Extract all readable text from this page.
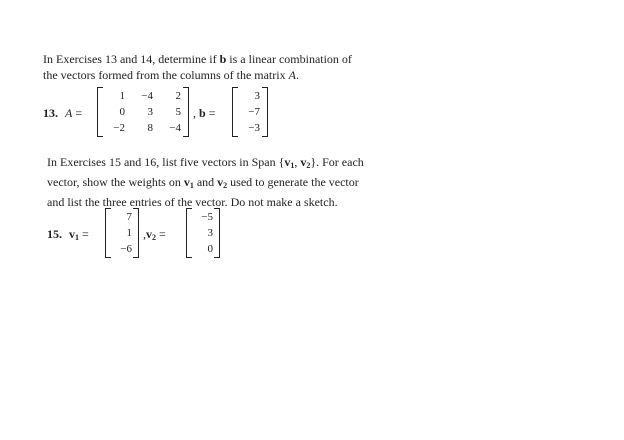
In Exercises 13 and 14, determine if b is a linear combination of
the vectors formed from the columns of the matrix A.
13. A =
1	−4	2
0	3	5
−2	8	−4
, b =
3
−7
−3
In Exercises 15 and 16, list five vectors in Span {$v_1$, $v_2$}. For each
vector, show the weights on $v_1$ and $v_2$ used to generate the vector
and list the three entries of the vector. Do not make a sketch.
15. $v_1$ =
7
1
−6
$,v_2$ =
−5
3
0
